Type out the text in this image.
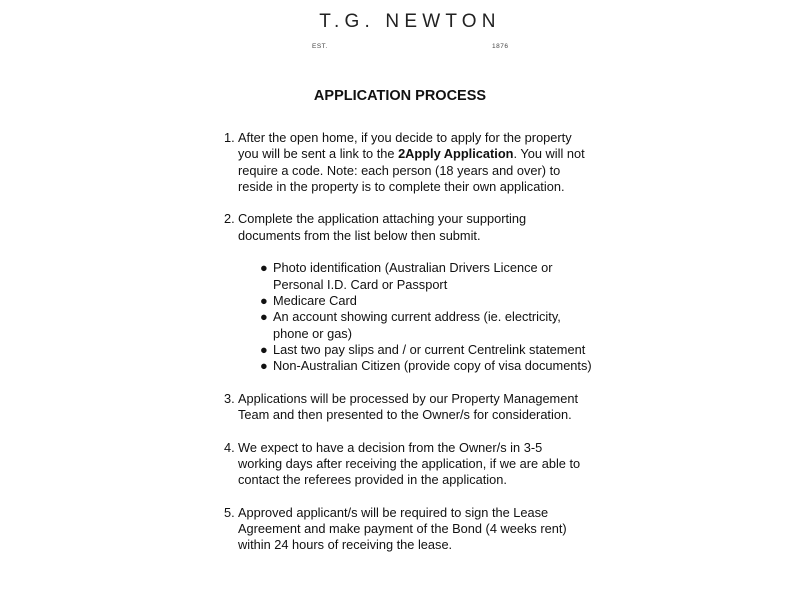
T.G. NEWTON
EST.	1876
APPLICATION PROCESS
1. After the open home, if you decide to apply for the property you will be sent a link to the 2Apply Application. You will not require a code. Note: each person (18 years and over) to reside in the property is to complete their own application.
2. Complete the application attaching your supporting documents from the list below then submit.
● Photo identification (Australian Drivers Licence or Personal I.D. Card or Passport
● Medicare Card
● An account showing current address (ie. electricity, phone or gas)
● Last two pay slips and / or current Centrelink statement
● Non-Australian Citizen (provide copy of visa documents)
3. Applications will be processed by our Property Management Team and then presented to the Owner/s for consideration.
4. We expect to have a decision from the Owner/s in 3-5 working days after receiving the application, if we are able to contact the referees provided in the application.
5. Approved applicant/s will be required to sign the Lease Agreement and make payment of the Bond (4 weeks rent) within 24 hours of receiving the lease.
